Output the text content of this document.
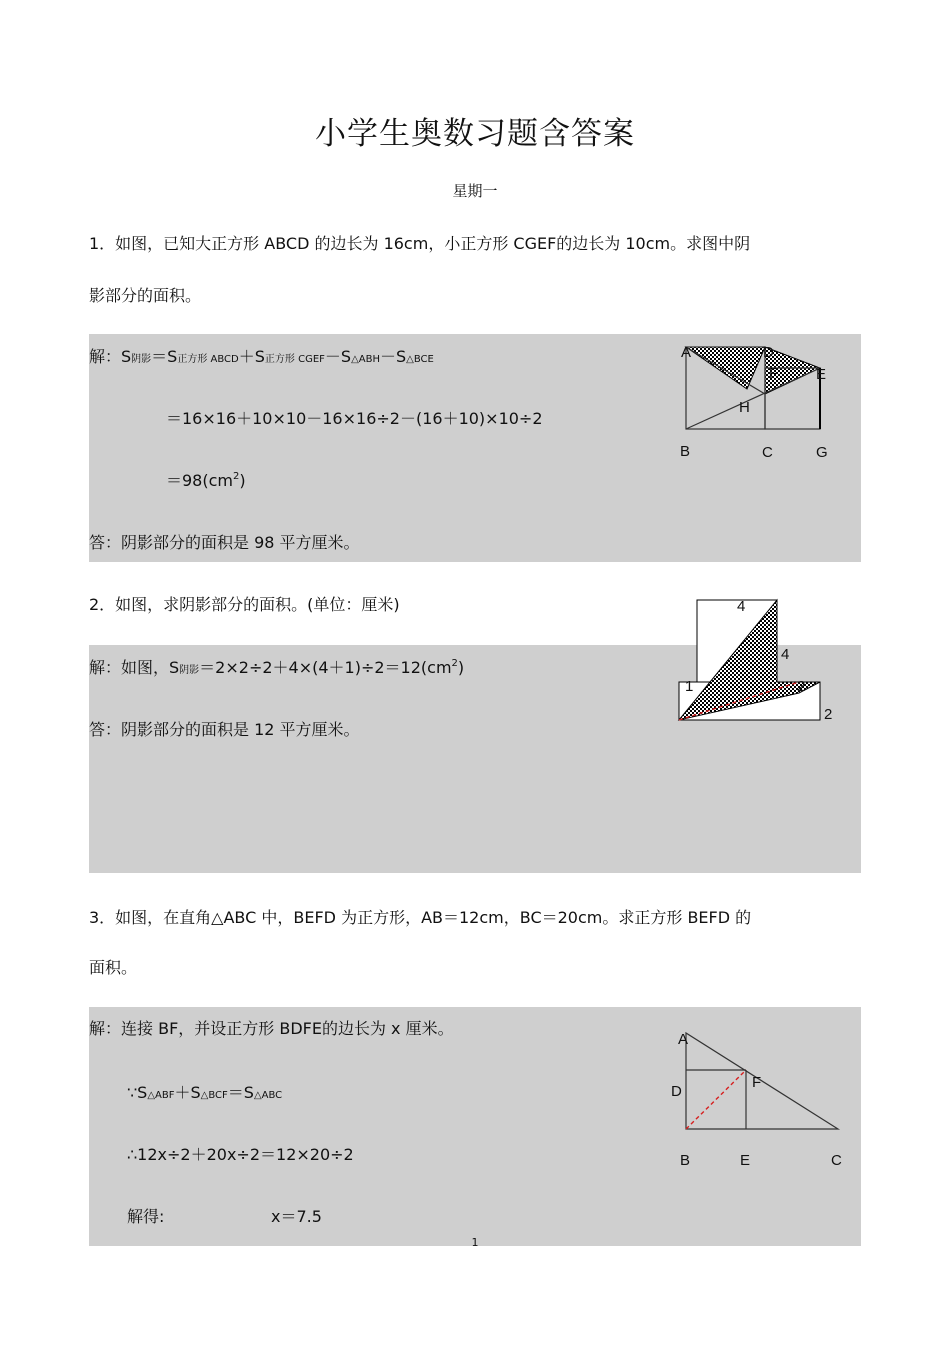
小学生奥数习题含答案
星期一
1．如图，已知大正方形 ABCD 的边长为 16cm，小正方形 CGEF的边长为 10cm。求图中阴
影部分的面积。
解：S阴影＝S正方形 ABCD＋S正方形 CGEF－S△ABH－S△BCE
＝16×16＋10×10－16×16÷2－(16＋10)×10÷2
$=98(cm^2)$
答：阴影部分的面积是 98 平方厘米。
A	D
F	E
H
B	C	G
2．如图，求阴影部分的面积。(单位：厘米)
解：如图，S阴影$=2\times 2\div 2+4\times(4+1)\div 2=12(cm^2)$
答：阴影部分的面积是 12 平方厘米。
4
4
1	2
2
3．如图，在直角△ABC 中，BEFD 为正方形，AB＝12cm，BC＝20cm。求正方形 BEFD 的
面积。
解：连接 BF，并设正方形 BDFE的边长为 x 厘米。
∵S△ABF＋S△BCF＝S△ABC
∴12x÷2＋20x÷2＝12×20÷2
解得:	x＝7.5
A
D
F
B	E	C
1
